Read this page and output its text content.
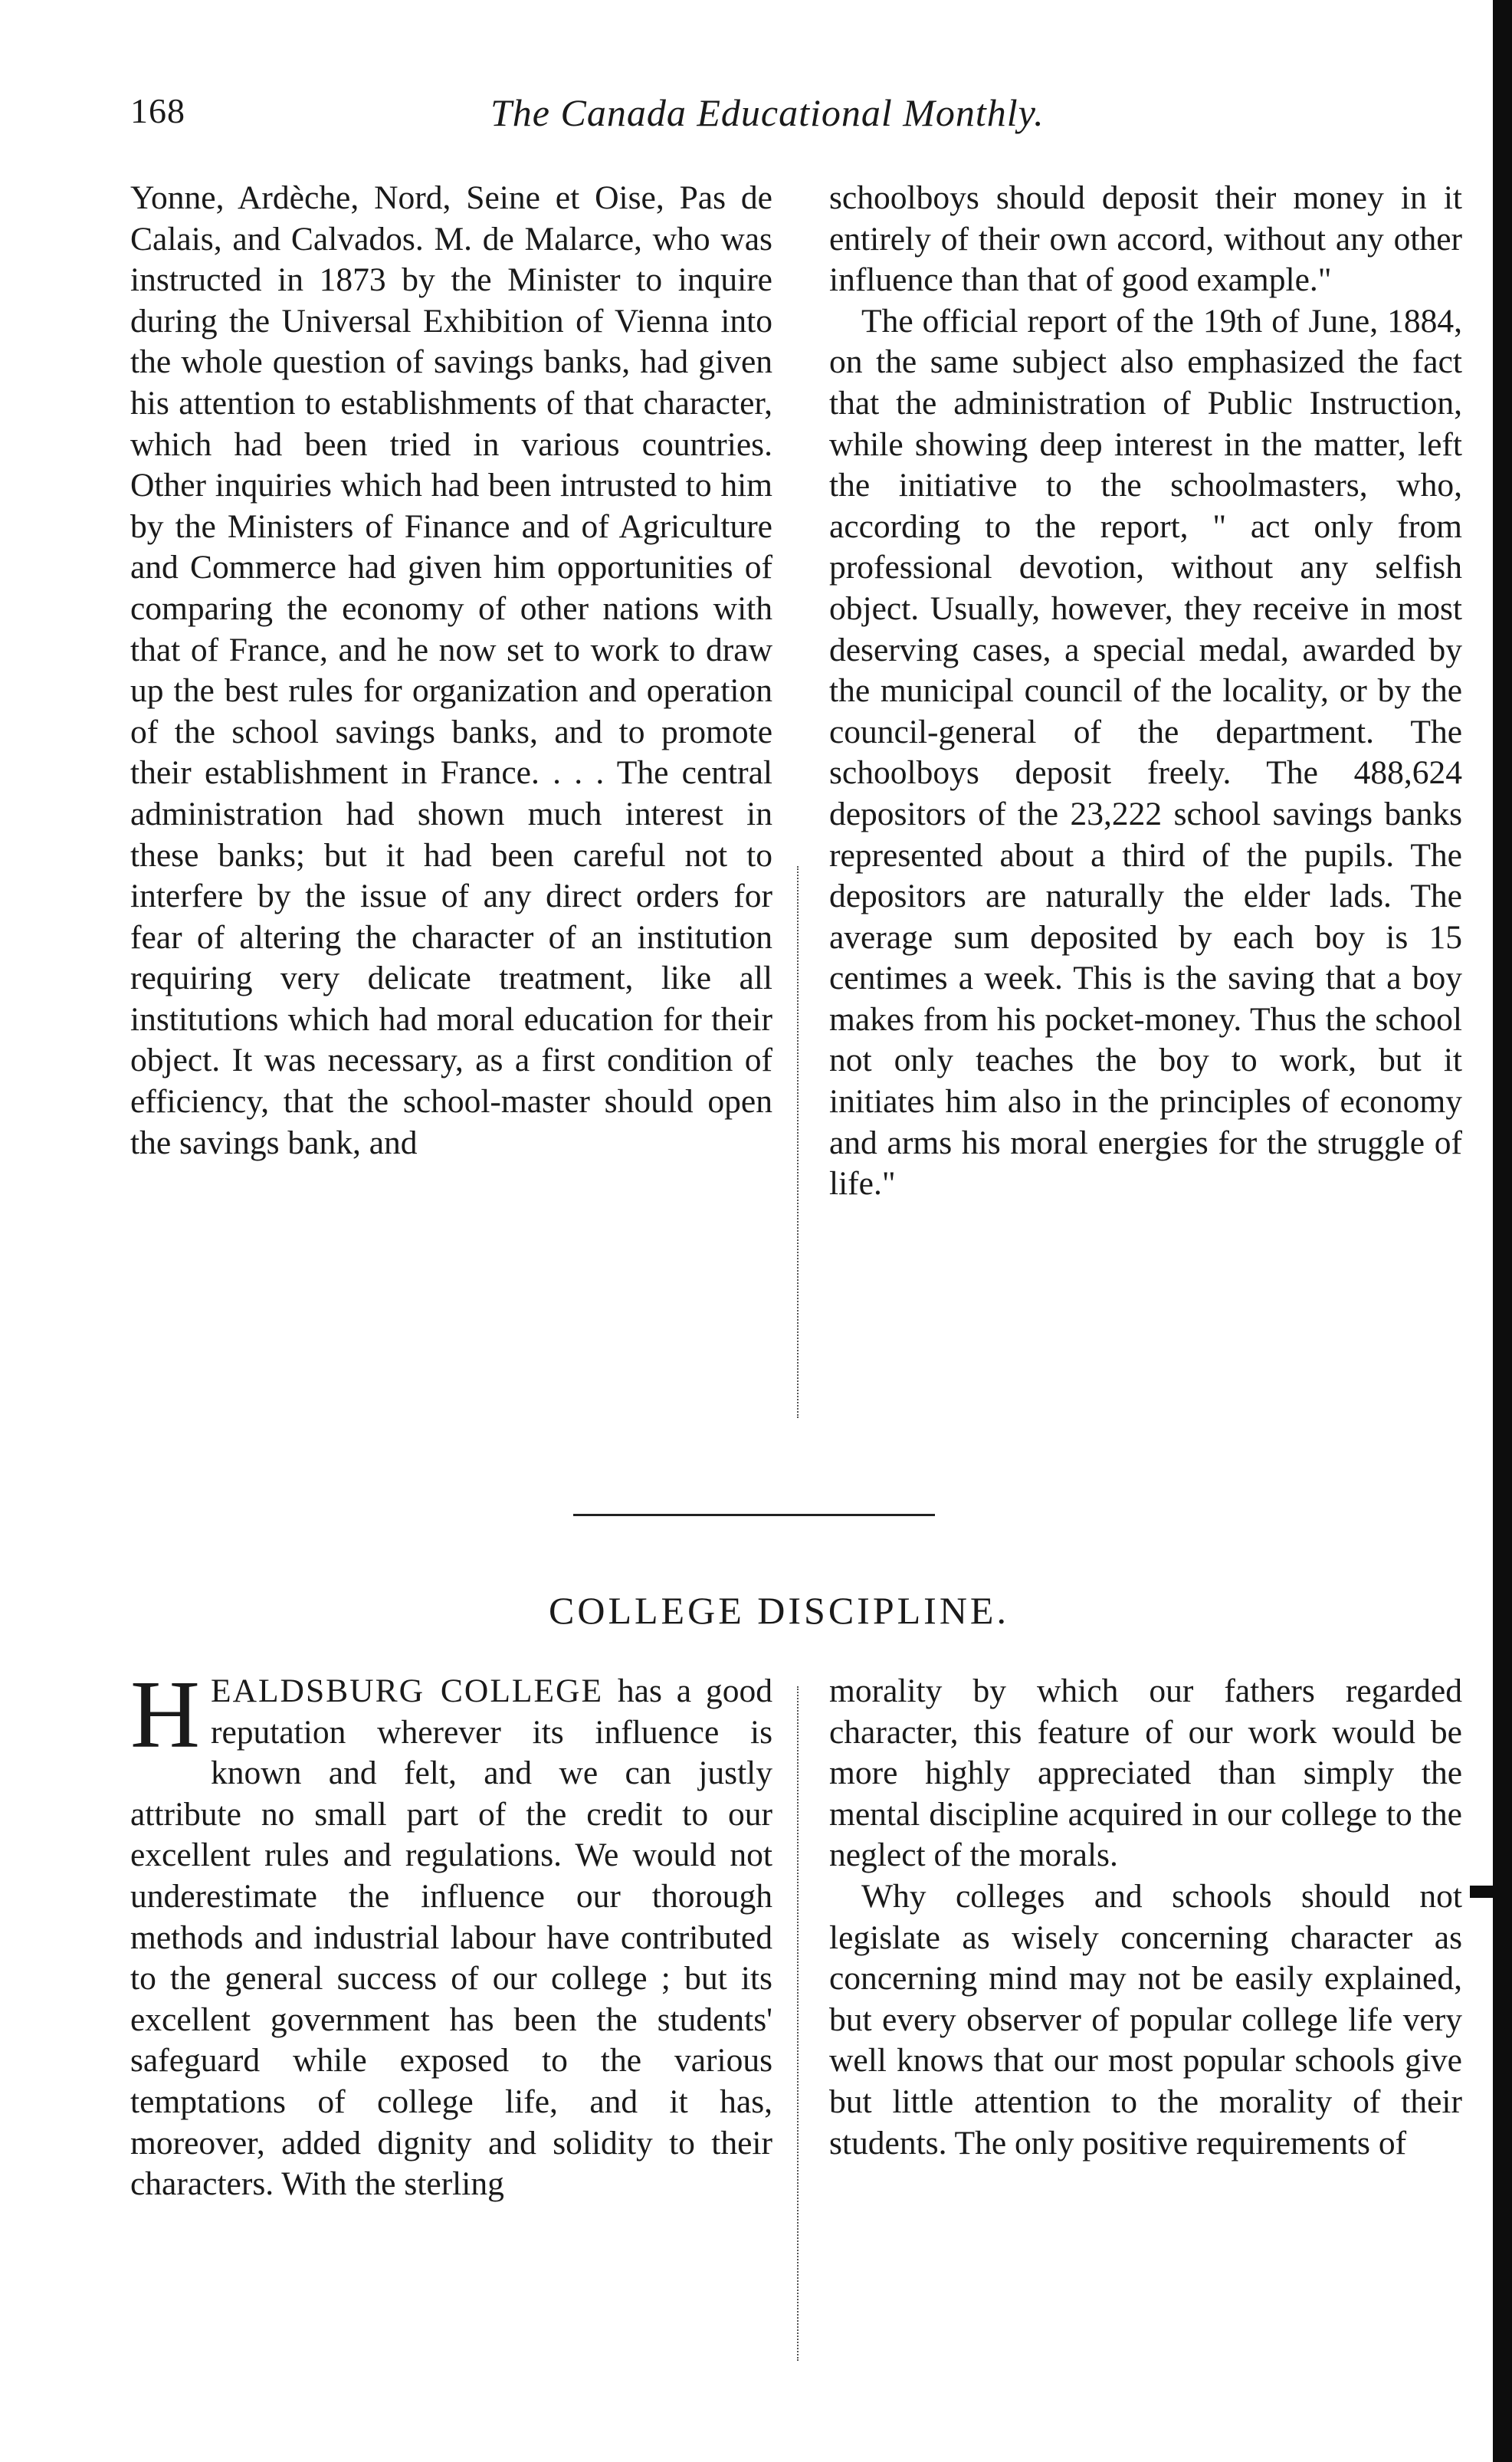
168	The Canada Educational Monthly.

Yonne, Ardèche, Nord, Seine et Oise, Pas de Calais, and Calvados. M. de Malarce, who was instructed in 1873 by the Minister to inquire during the Universal Exhibition of Vienna into the whole question of savings banks, had given his attention to establishments of that character, which had been tried in various countries. Other inquiries which had been intrusted to him by the Ministers of Finance and of Agriculture and Commerce had given him opportunities of comparing the economy of other nations with that of France, and he now set to work to draw up the best rules for organization and operation of the school savings banks, and to promote their establishment in France. . . . The central administration had shown much interest in these banks; but it had been careful not to interfere by the issue of any direct orders for fear of altering the character of an institution requiring very delicate treatment, like all institutions which had moral education for their object. It was necessary, as a first condition of efficiency, that the school-master should open the savings bank, and

schoolboys should deposit their money in it entirely of their own accord, without any other influence than that of good example."

The official report of the 19th of June, 1884, on the same subject also emphasized the fact that the administration of Public Instruction, while showing deep interest in the matter, left the initiative to the schoolmasters, who, according to the report, " act only from professional devotion, without any selfish object. Usually, however, they receive in most deserving cases, a special medal, awarded by the municipal council of the locality, or by the council-general of the department. The schoolboys deposit freely. The 488,624 depositors of the 23,222 school savings banks represented about a third of the pupils. The depositors are naturally the elder lads. The average sum deposited by each boy is 15 centimes a week. This is the saving that a boy makes from his pocket-money. Thus the school not only teaches the boy to work, but it initiates him also in the principles of economy and arms his moral energies for the struggle of life."

COLLEGE DISCIPLINE.

HEALDSBURG COLLEGE has a good reputation wherever its influence is known and felt, and we can justly attribute no small part of the credit to our excellent rules and regulations. We would not underestimate the influence our thorough methods and industrial labour have contributed to the general success of our college ; but its excellent government has been the students' safeguard while exposed to the various temptations of college life, and it has, moreover, added dignity and solidity to their characters. With the sterling

morality by which our fathers regarded character, this feature of our work would be more highly appreciated than simply the mental discipline acquired in our college to the neglect of the morals.

Why colleges and schools should not legislate as wisely concerning character as concerning mind may not be easily explained, but every observer of popular college life very well knows that our most popular schools give but little attention to the morality of their students. The only positive requirements of
